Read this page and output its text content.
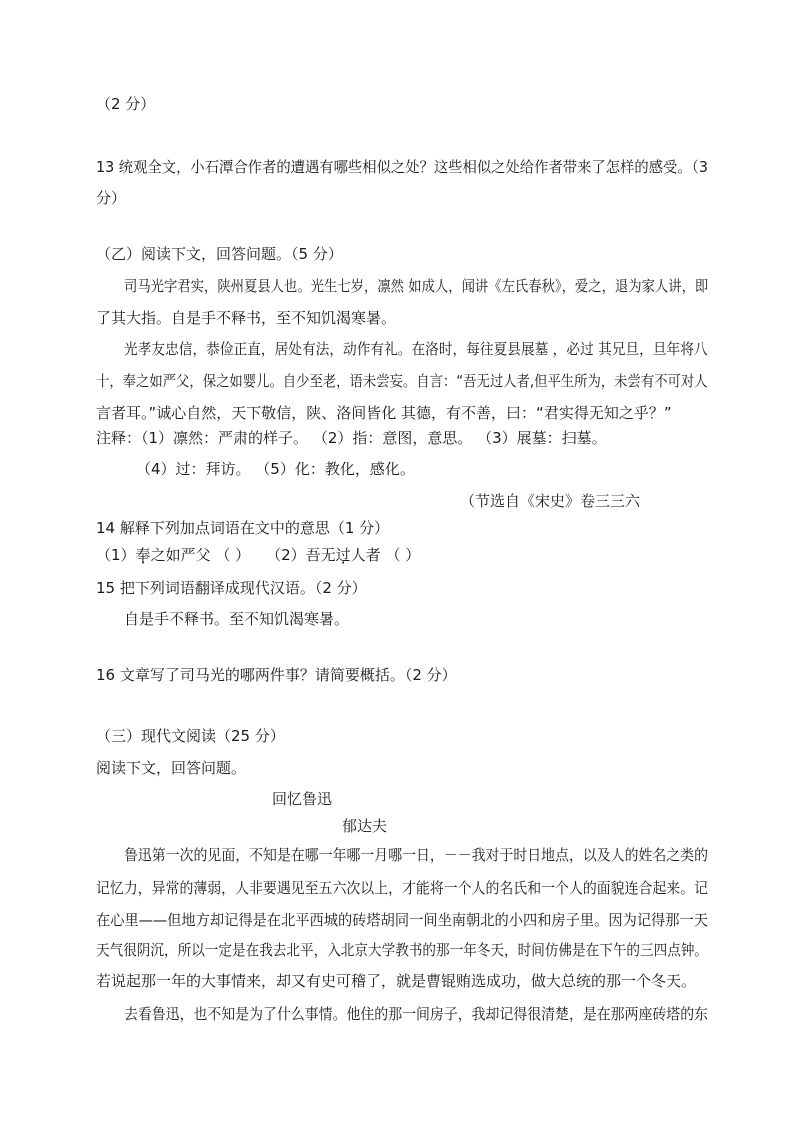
（2 分）
13 统观全文，小石潭合作者的遭遇有哪些相似之处？这些相似之处给作者带来了怎样的感受。（3
分）
（乙）阅读下文，回答问题。（5 分）
司马光字君实，陕州夏县人也。光生七岁，凛然 如成人，闻讲《左氏春秋》，爱之，退为家人讲，即
了其大指。自是手不释书，至不知饥渴寒暑。
光孝友忠信，恭俭正直，居处有法，动作有礼。在洛时，每往夏县展墓 ，必过 其兄旦，旦年将八
十，奉之如严父，保之如婴儿。自少至老，语未尝妄。自言：“吾无过人者,但平生所为，未尝有不可对人
言者耳。”诚心自然，天下敬信，陕、洛间皆化 其德，有不善，曰：“君实得无知之乎？”
注释：（1）凛然：严肃的样子。 （2）指：意图，意思。 （3）展墓：扫墓。
（4）过：拜访。 （5）化：教化，感化。
（节选自《宋史》卷三三六
14 解释下列加点词语在文中的意思（1 分）
（1）奉之如严父 （ ） （2）吾无过人者 （ ）
15 把下列词语翻译成现代汉语。（2 分）
自是手不释书。至不知饥渴寒暑。
16 文章写了司马光的哪两件事？请简要概括。（2 分）
（三）现代文阅读（25 分）
阅读下文，回答问题。
回忆鲁迅
郁达夫
鲁迅第一次的见面，不知是在哪一年哪一月哪一日，－－我对于时日地点，以及人的姓名之类的
记忆力，异常的薄弱，人非要遇见至五六次以上，才能将一个人的名氏和一个人的面貌连合起来。记
在心里——但地方却记得是在北平西城的砖塔胡同一间坐南朝北的小四和房子里。因为记得那一天
天气很阴沉，所以一定是在我去北平，入北京大学教书的那一年冬天，时间仿佛是在下午的三四点钟。
若说起那一年的大事情来，却又有史可稽了，就是曹锟贿选成功，做大总统的那一个冬天。
去看鲁迅，也不知是为了什么事情。他住的那一间房子，我却记得很清楚，是在那两座砖塔的东
